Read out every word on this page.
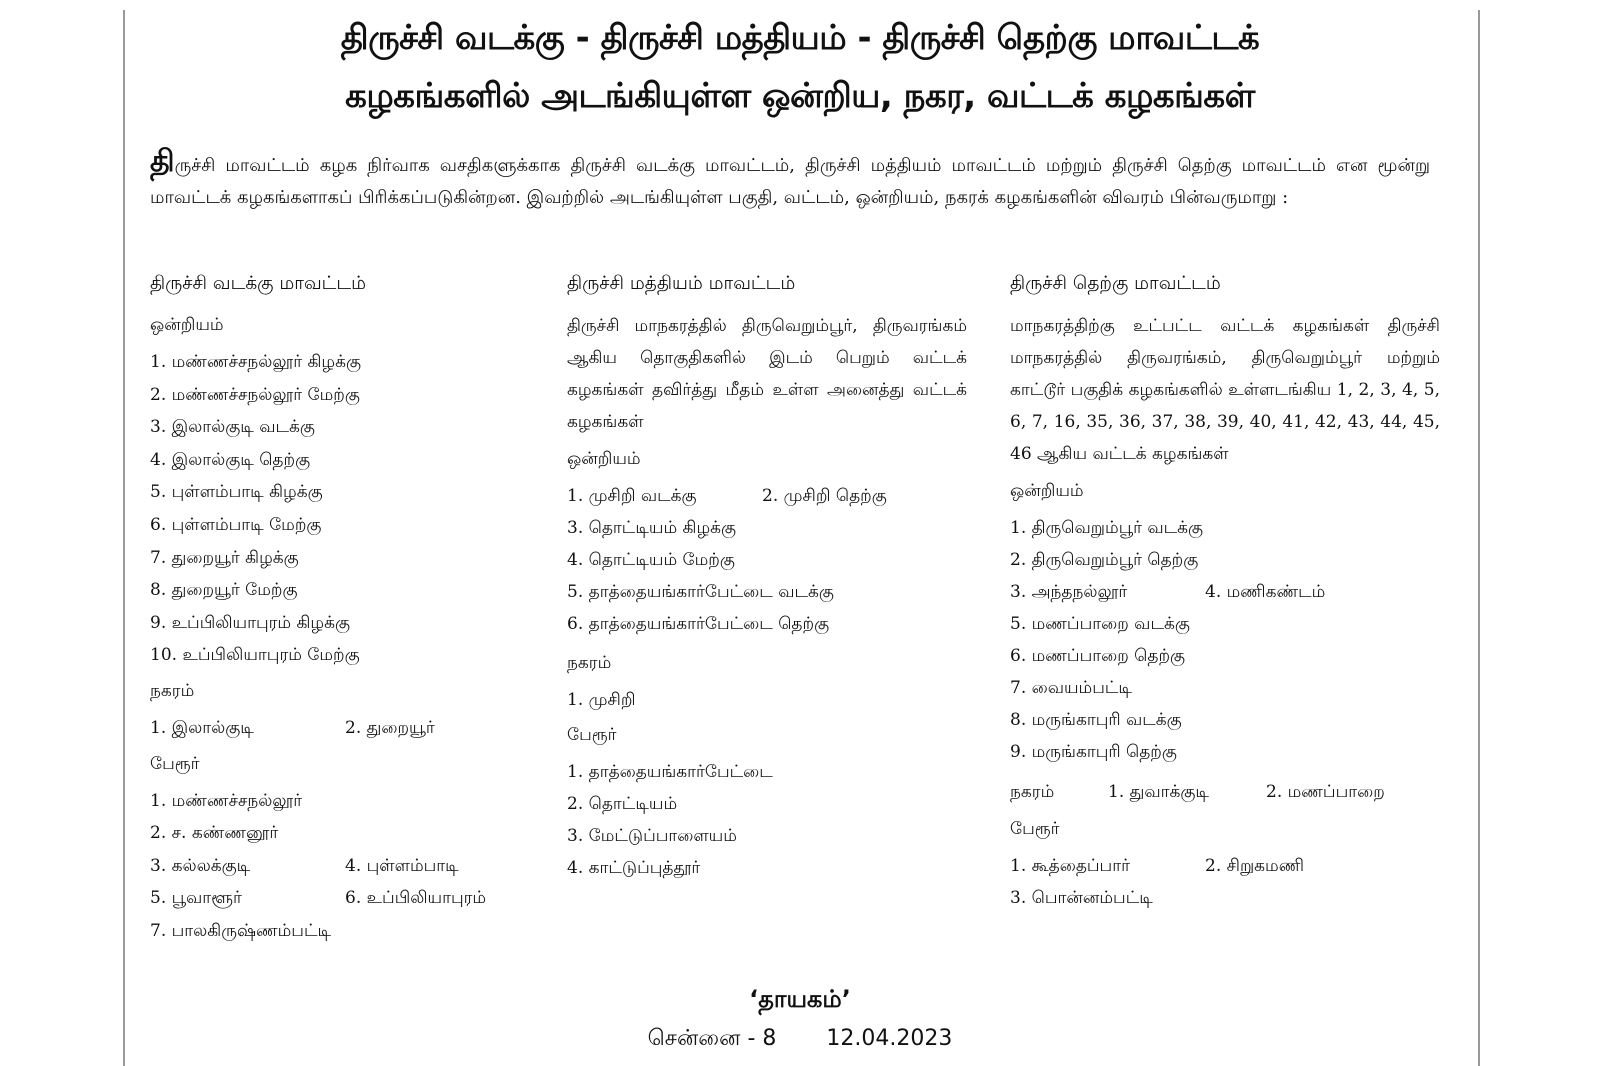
திருச்சி வடக்கு - திருச்சி மத்தியம் - திருச்சி தெற்கு மாவட்டக்
கழகங்களில் அடங்கியுள்ள ஒன்றிய, நகர, வட்டக் கழகங்கள்
திருச்சி மாவட்டம் கழக நிர்வாக வசதிகளுக்காக திருச்சி வடக்கு மாவட்டம், திருச்சி மத்தியம் மாவட்டம் மற்றும் திருச்சி தெற்கு மாவட்டம் என மூன்று மாவட்டக் கழகங்களாகப் பிரிக்கப்படுகின்றன. இவற்றில் அடங்கியுள்ள பகுதி, வட்டம், ஒன்றியம், நகரக் கழகங்களின் விவரம் பின்வருமாறு :
திருச்சி வடக்கு மாவட்டம்
ஒன்றியம்
1. மண்ணச்சநல்லூர் கிழக்கு
2. மண்ணச்சநல்லூர் மேற்கு
3. இலால்குடி வடக்கு
4. இலால்குடி தெற்கு
5. புள்ளம்பாடி கிழக்கு
6. புள்ளம்பாடி மேற்கு
7. துறையூர் கிழக்கு
8. துறையூர் மேற்கு
9. உப்பிலியாபுரம் கிழக்கு
10. உப்பிலியாபுரம் மேற்கு
நகரம்
1. இலால்குடி	2. துறையூர்
பேரூர்
1. மண்ணச்சநல்லூர்
2. ச. கண்ணனூர்
3. கல்லக்குடி	4. புள்ளம்பாடி
5. பூவாளூர்	6. உப்பிலியாபுரம்
7. பாலகிருஷ்ணம்பட்டி
திருச்சி மத்தியம் மாவட்டம்
திருச்சி மாநகரத்தில் திருவெறும்பூர், திருவரங்கம் ஆகிய தொகுதிகளில் இடம் பெறும் வட்டக் கழகங்கள் தவிர்த்து மீதம் உள்ள அனைத்து வட்டக் கழகங்கள்
ஒன்றியம்
1. முசிறி வடக்கு	2. முசிறி தெற்கு
3. தொட்டியம் கிழக்கு
4. தொட்டியம் மேற்கு
5. தாத்தையங்கார்பேட்டை வடக்கு
6. தாத்தையங்கார்பேட்டை தெற்கு
நகரம்
1. முசிறி
பேரூர்
1. தாத்தையங்கார்பேட்டை
2. தொட்டியம்
3. மேட்டுப்பாளையம்
4. காட்டுப்புத்தூர்
திருச்சி தெற்கு மாவட்டம்
மாநகரத்திற்கு உட்பட்ட வட்டக் கழகங்கள் திருச்சி மாநகரத்தில் திருவரங்கம், திருவெறும்பூர் மற்றும் காட்டூர் பகுதிக் கழகங்களில் உள்ளடங்கிய 1, 2, 3, 4, 5, 6, 7, 16, 35, 36, 37, 38, 39, 40, 41, 42, 43, 44, 45, 46 ஆகிய வட்டக் கழகங்கள்
ஒன்றியம்
1. திருவெறும்பூர் வடக்கு
2. திருவெறும்பூர் தெற்கு
3. அந்தநல்லூர்	4. மணிகண்டம்
5. மணப்பாறை வடக்கு
6. மணப்பாறை தெற்கு
7. வையம்பட்டி
8. மருங்காபுரி வடக்கு
9. மருங்காபுரி தெற்கு
நகரம்	1. துவாக்குடி	2. மணப்பாறை
பேரூர்
1. கூத்தைப்பார்	2. சிறுகமணி
3. பொன்னம்பட்டி
‘தாயகம்’
சென்னை - 8 12.04.2023
